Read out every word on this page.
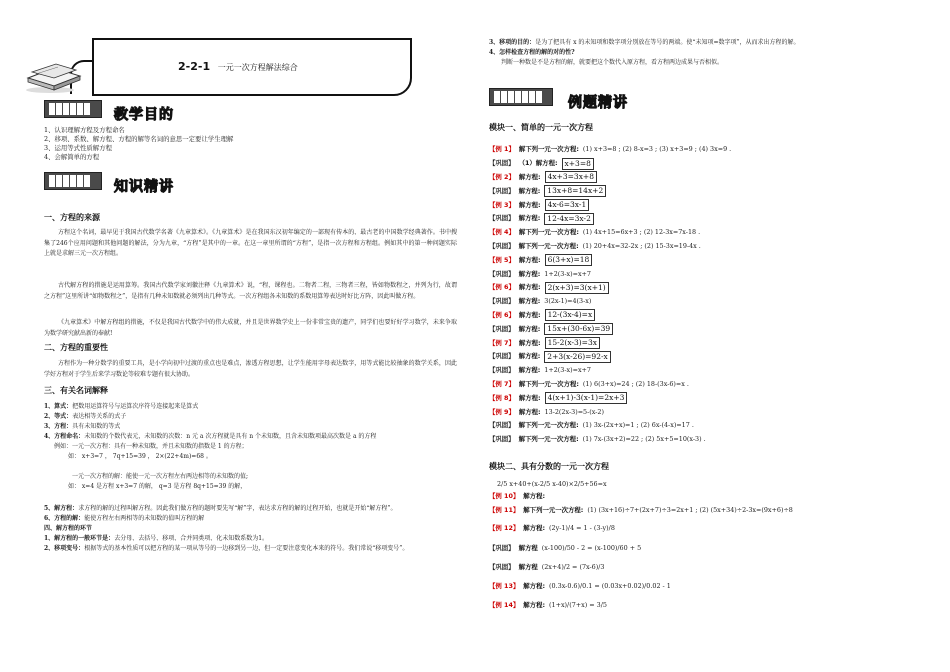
2-2-1 一元一次方程解法综合
教学目的
1、认识理解方程及方程命名
2、移项、系数、解方程、方程的解等名词的意思一定要让学生理解
3、运用等式性质解方程
4、会解简单的方程
知识精讲
一、方程的来源
方程这个名词，最早见于我国古代数学名著《九章算术》。《九章算术》是在我国东汉初年编定的一部现有传本的、最古老的中国数学经典著作。书中搜集了246个应用问题和其他问题的解法，分为九章，“方程”是其中的一章。在这一章里所谓的“方程”，是指一次方程和方程组。例如其中的第一种问题实际上就是求解三元一次方程组。
古代解方程的措施是运用算筹。我国古代数学家刘徽注释《九章算术》说，“程，课程也。二物者二程，三物者三程，皆如物数程之，并列为行，故谓之方程”这里所讲“如物数程之”，是指有几种未知数就必须列出几种等式。一次方程组各未知数的系数用算筹表达时好比方阵，因此叫做方程。
《九章算术》中解方程组的措施，不仅是我国古代数学中的伟大成就，并且是世界数学史上一份非常宝贵的遗产，同学们也要好好学习数学，未来争取为数学研究献出新的奉献!
二、方程的重要性
方程作为一种分数学的重要工具，是小学向初中过渡的重点也是难点，渗透方程思想，让学生能用字母表达数字，用等式能比较抽象的数学关系，因此学好方程对于学生后来学习数论等较难专题有很大协助。
三、有关名词解释
1、算式：把数用运算符号与运算次序符号连接起来是算式
2、等式：表达相等关系的式子
3、方程：具有未知数的等式
4、方程命名：未知数的个数代表元，未知数的次数：n 元 a 次方程就是具有 n 个未知数，且含未知数项最高次数是 a 的方程
例如：一元一次方程：具有一种未知数，并且未知数的指数是 1 的方程；
如： x+3=7 ， 7q+15=39 ， 2×(22+4m)=68 。
一元一次方程的解：能使一元一次方程左右两边相等的未知数的值;
如： x=4 是方程 x+3=7 的解， q=3 是方程 8q+15=39 的解，
5、解方程：求方程的解的过程叫解方程。因此我们做方程的题时要先写“解”字，表达求方程的解的过程开始，也就是开始“解方程”。
6、方程的解：能使方程左右两相等的未知数的值叫方程的解
四、解方程的环节
1、解方程的一般环节是：去分母、去括号、移项、合并同类项、化未知数系数为1。
2、移项变号：根据等式的基本性质可以把方程的某一项从等号的一边移到另一边，但一定要注意变化本来的符号。我们常说“移项变号”。
3、移项的目的：是为了把具有 x 的未知项和数字项分别放在等号的两端。使“未知项=数字项”，从而求出方程的解。
4、怎样检查方程的解的对的性?
判断一种数是不是方程的解，就要把这个数代入原方程，看方程两边成果与否相似。
例题精讲
模块一、简单的一元一次方程
【例 1】 解下列一元一次方程: (1) x+3=8 ; (2) 8-x=3 ; (3) x+3=9 ; (4) 3x=9 .
【巩固】 （1）解方程: x+3=8
【例 2】 解方程: 4x+3=3x+8
【巩固】 解方程: 13x+8=14x+2
【例 3】 解方程: 4x-6=3x-1
【巩固】 解方程: 12-4x=3x-2
【例 4】 解下列一元一次方程: (1) 4x+15=6x+3 ; (2) 12-3x=7x-18 .
【巩固】 解下列一元一次方程: (1) 20+4x=32-2x ; (2) 15-3x=19-4x .
【例 5】 解方程: 6(3+x)=18
【巩固】 解方程: 1+2(3-x)=x+7
【例 6】 解方程: 2(x+3)=3(x+1)
【巩固】 解方程: 3(2x-1)=4(3-x)
【例 6】 解方程: 12-(3x-4)=x
【巩固】 解方程: 15x+(30-6x)=39
【例 7】 解方程: 15-2(x-3)=3x
【巩固】 解方程: 2+3(x-26)=92-x
【巩固】 解方程: 1+2(3-x)=x+7
【例 7】 解下列一元一次方程: (1) 6(3+x)=24 ; (2) 18-(3x-6)=x .
【例 8】 解方程: 4(x+1)-3(x-1)=2x+3
【例 9】 解方程: 13-2(2x-3)=5-(x-2)
【巩固】 解下列一元一次方程: (1) 3x-(2x+x)=1 ; (2) 6x-(4-x)=17 .
【巩固】 解下列一元一次方程: (1) 7x-(3x+2)=22 ; (2) 5x+5=10(x-3) .
模块二、具有分数的一元一次方程
2/5 x+40+(x-2/5 x-40)×2/5+56=x
【例 10】 解方程:
【例 11】 解下列一元一次方程: (1) (3x+16)÷7+(2x+7)÷3=2x+1 ; (2) (5x+34)÷2-3x=(9x+6)÷8
【例 12】 解方程: (2y-1)/4 = 1 - (3-y)/8
【巩固】 解方程 (x-100)/50 - 2 = (x-100)/60 + 5
【巩固】 解方程 (2x+4)/2 = (7x-6)/3
【例 13】 解方程: (0.3x-0.6)/0.1 = (0.03x+0.02)/0.02 - 1
【例 14】 解方程: (1+x)/(7+x) = 3/5
